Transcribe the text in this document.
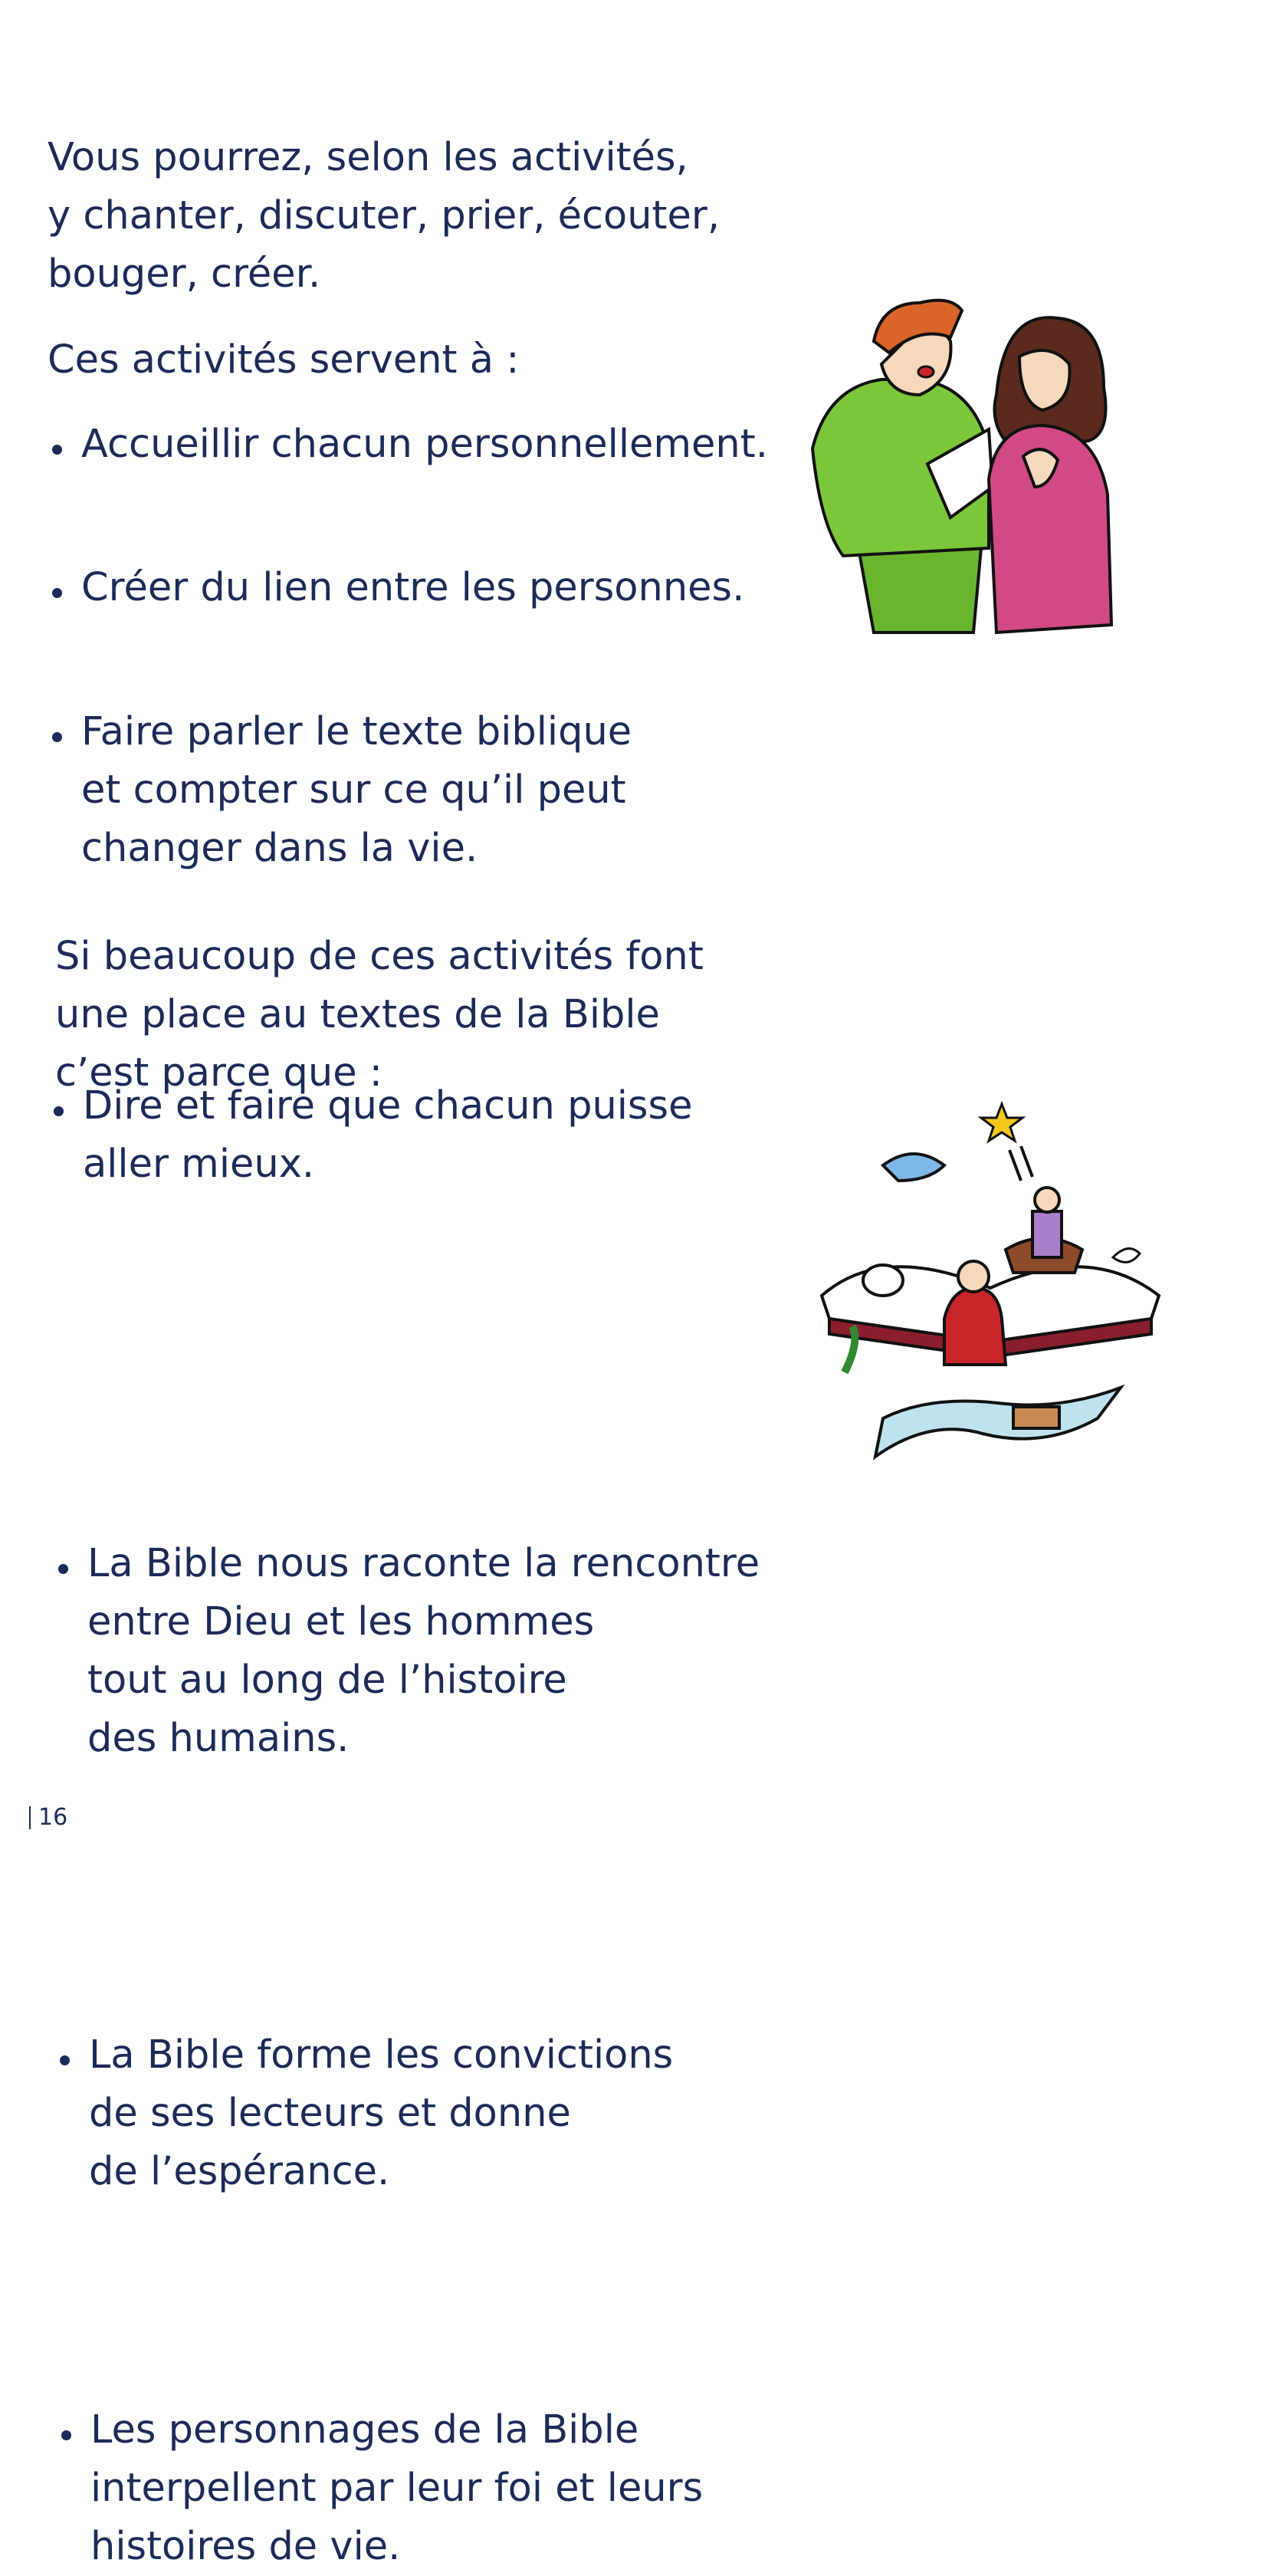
Vous pourrez, selon les activités,
y chanter, discuter, prier, écouter,
bouger, créer.
Ces activités servent à :
Accueillir chacun personnellement.
Créer du lien entre les personnes.
Faire parler le texte biblique
et compter sur ce qu’il peut
changer dans la vie.
Dire et faire que chacun puisse
aller mieux.
Si beaucoup de ces activités font
une place au textes de la Bible
c’est parce que :
La Bible nous raconte la rencontre
entre Dieu et les hommes
tout au long de l’histoire
des humains.
La Bible forme les convictions
de ses lecteurs et donne
de l’espérance.
Les personnages de la Bible
interpellent par leur foi et leurs
histoires de vie.
16
